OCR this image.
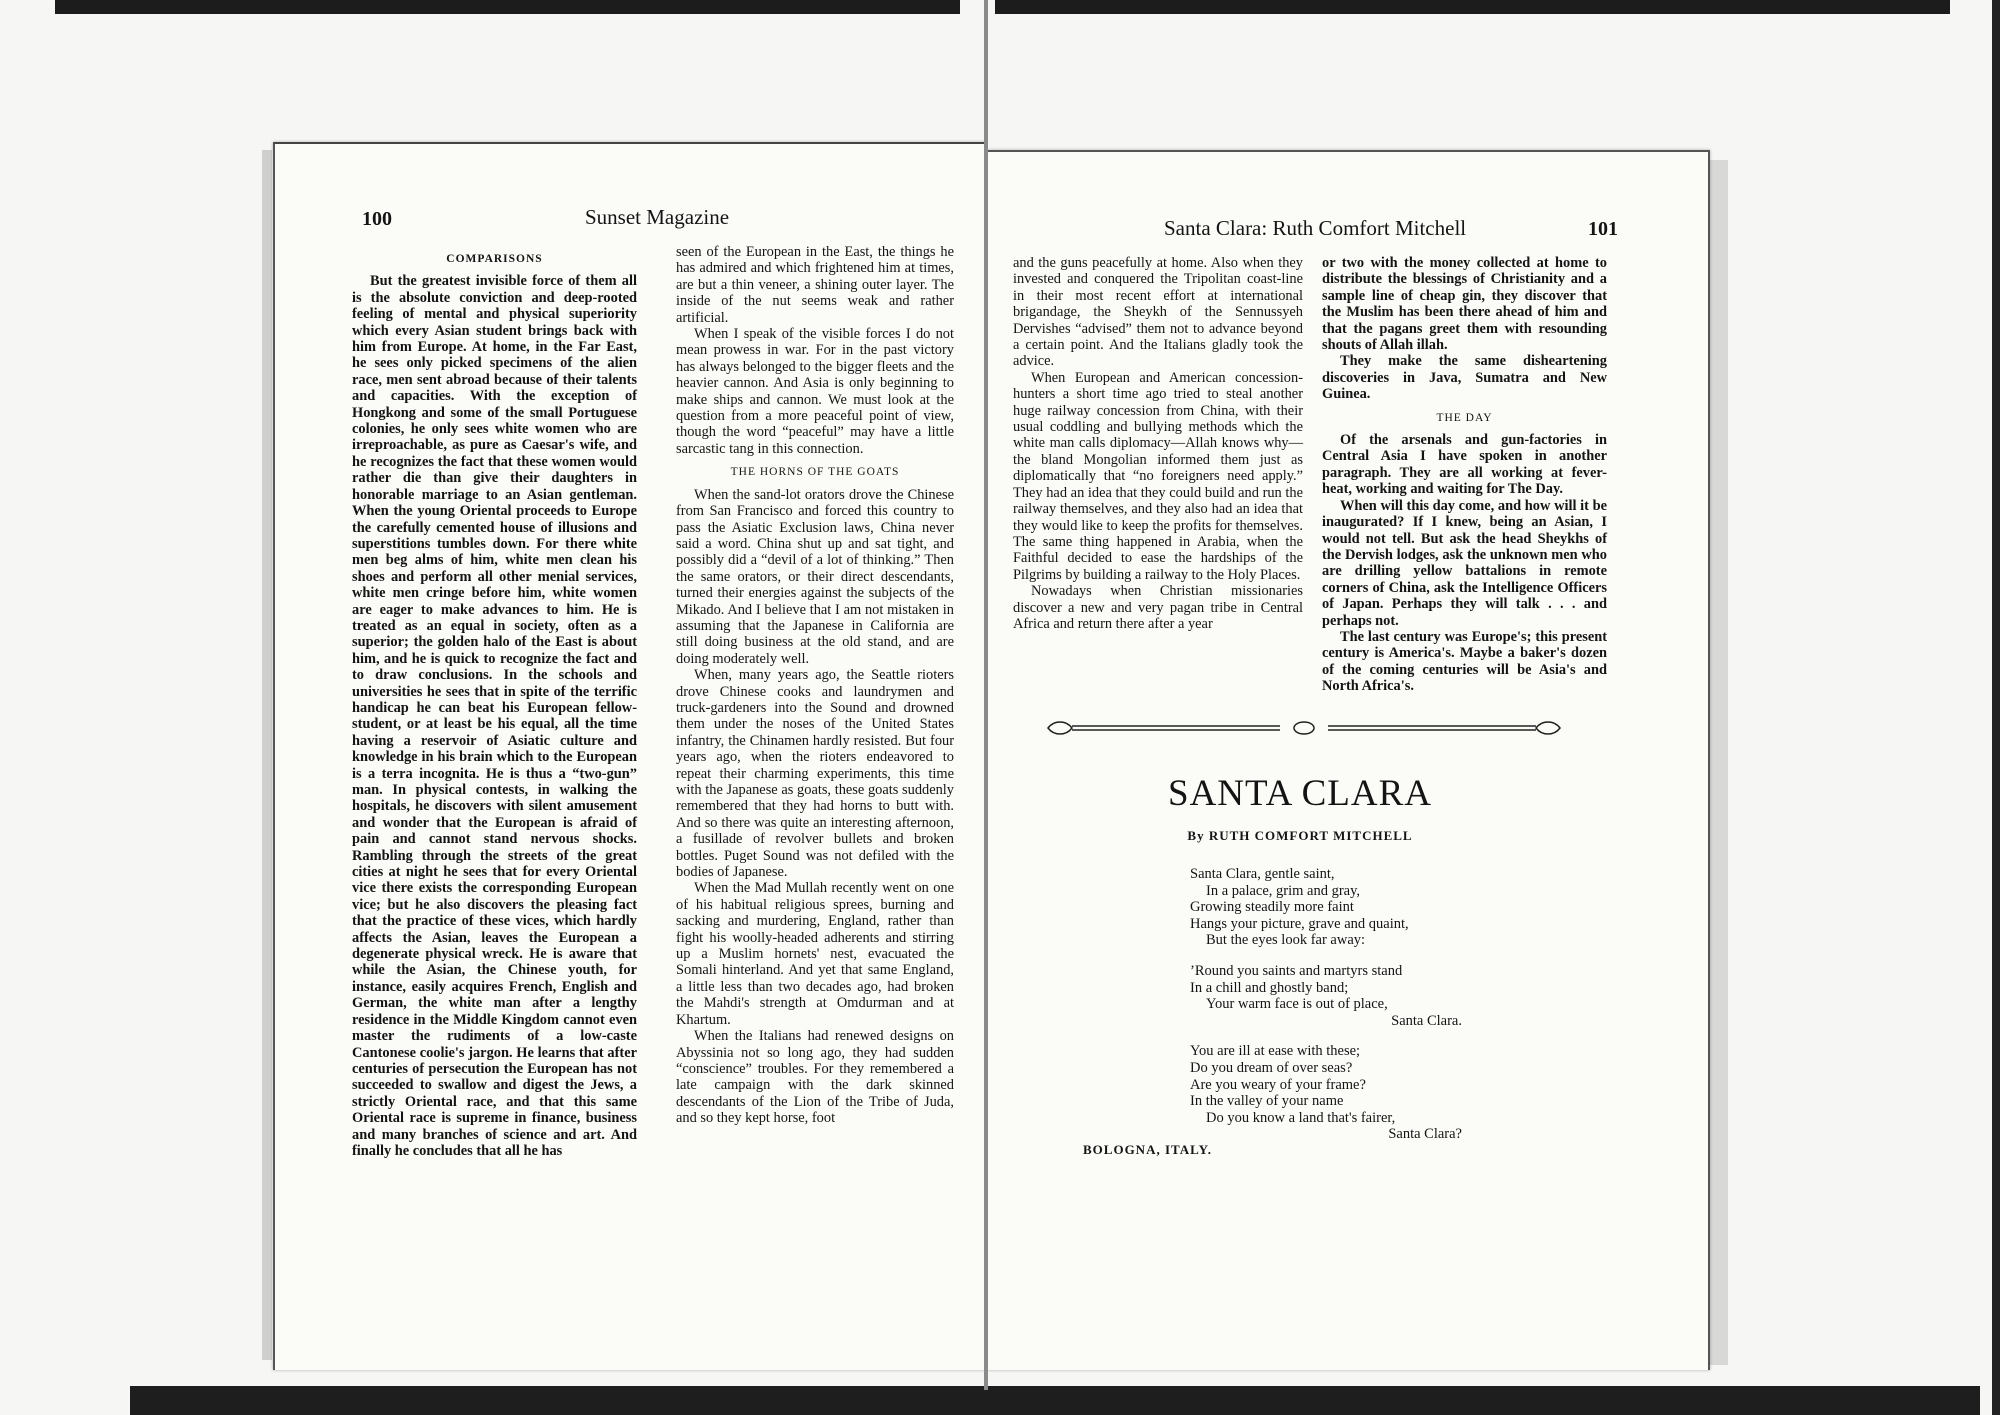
100	Sunset Magazine
COMPARISONS

But the greatest invisible force of them all is the absolute conviction and deep-rooted feeling of mental and physical superiority which every Asian student brings back with him from Europe. At home, in the Far East, he sees only picked specimens of the alien race, men sent abroad because of their talents and capacities. With the exception of Hongkong and some of the small Portuguese colonies, he only sees white women who are irreproachable, as pure as Caesar's wife, and he recognizes the fact that these women would rather die than give their daughters in honorable marriage to an Asian gentleman. When the young Oriental proceeds to Europe the carefully cemented house of illusions and superstitions tumbles down. For there white men beg alms of him, white men clean his shoes and perform all other menial services, white men cringe before him, white women are eager to make advances to him. He is treated as an equal in society, often as a superior; the golden halo of the East is about him, and he is quick to recognize the fact and to draw conclusions. In the schools and universities he sees that in spite of the terrific handicap he can beat his European fellow-student, or at least be his equal, all the time having a reservoir of Asiatic culture and knowledge in his brain which to the European is a terra incognita. He is thus a “two-gun” man. In physical contests, in walking the hospitals, he discovers with silent amusement and wonder that the European is afraid of pain and cannot stand nervous shocks. Rambling through the streets of the great cities at night he sees that for every Oriental vice there exists the corresponding European vice; but he also discovers the pleasing fact that the practice of these vices, which hardly affects the Asian, leaves the European a degenerate physical wreck. He is aware that while the Asian, the Chinese youth, for instance, easily acquires French, English and German, the white man after a lengthy residence in the Middle Kingdom cannot even master the rudiments of a low-caste Cantonese coolie's jargon. He learns that after centuries of persecution the European has not succeeded to swallow and digest the Jews, a strictly Oriental race, and that this same Oriental race is supreme in finance, business and many branches of science and art. And finally he concludes that all he has

seen of the European in the East, the things he has admired and which frightened him at times, are but a thin veneer, a shining outer layer. The inside of the nut seems weak and rather artificial.

When I speak of the visible forces I do not mean prowess in war. For in the past victory has always belonged to the bigger fleets and the heavier cannon. And Asia is only beginning to make ships and cannon. We must look at the question from a more peaceful point of view, though the word “peaceful” may have a little sarcastic tang in this connection.

THE HORNS OF THE GOATS

When the sand-lot orators drove the Chinese from San Francisco and forced this country to pass the Asiatic Exclusion laws, China never said a word. China shut up and sat tight, and possibly did a “devil of a lot of thinking.” Then the same orators, or their direct descendants, turned their energies against the subjects of the Mikado. And I believe that I am not mistaken in assuming that the Japanese in California are still doing business at the old stand, and are doing moderately well.

When, many years ago, the Seattle rioters drove Chinese cooks and laundrymen and truck-gardeners into the Sound and drowned them under the noses of the United States infantry, the Chinamen hardly resisted. But four years ago, when the rioters endeavored to repeat their charming experiments, this time with the Japanese as goats, these goats suddenly remembered that they had horns to butt with. And so there was quite an interesting afternoon, a fusillade of revolver bullets and broken bottles. Puget Sound was not defiled with the bodies of Japanese.

When the Mad Mullah recently went on one of his habitual religious sprees, burning and sacking and murdering, England, rather than fight his woolly-headed adherents and stirring up a Muslim hornets' nest, evacuated the Somali hinterland. And yet that same England, a little less than two decades ago, had broken the Mahdi's strength at Omdurman and at Khartum.

When the Italians had renewed designs on Abyssinia not so long ago, they had sudden “conscience” troubles. For they remembered a late campaign with the dark skinned descendants of the Lion of the Tribe of Juda, and so they kept horse, foot

Santa Clara: Ruth Comfort Mitchell	101

and the guns peacefully at home. Also when they invested and conquered the Tripolitan coast-line in their most recent effort at international brigandage, the Sheykh of the Sennussyeh Dervishes “advised” them not to advance beyond a certain point. And the Italians gladly took the advice.

When European and American concession-hunters a short time ago tried to steal another huge railway concession from China, with their usual coddling and bullying methods which the white man calls diplomacy—Allah knows why—the bland Mongolian informed them just as diplomatically that “no foreigners need apply.” They had an idea that they could build and run the railway themselves, and they also had an idea that they would like to keep the profits for themselves. The same thing happened in Arabia, when the Faithful decided to ease the hardships of the Pilgrims by building a railway to the Holy Places.

Nowadays when Christian missionaries discover a new and very pagan tribe in Central Africa and return there after a year

or two with the money collected at home to distribute the blessings of Christianity and a sample line of cheap gin, they discover that the Muslim has been there ahead of him and that the pagans greet them with resounding shouts of Allah illah.

They make the same disheartening discoveries in Java, Sumatra and New Guinea.

THE DAY

Of the arsenals and gun-factories in Central Asia I have spoken in another paragraph. They are all working at fever-heat, working and waiting for The Day.

When will this day come, and how will it be inaugurated? If I knew, being an Asian, I would not tell. But ask the head Sheykhs of the Dervish lodges, ask the unknown men who are drilling yellow battalions in remote corners of China, ask the Intelligence Officers of Japan. Perhaps they will talk . . . and perhaps not.

The last century was Europe's; this present century is America's. Maybe a baker's dozen of the coming centuries will be Asia's and North Africa's.

SANTA CLARA
By RUTH COMFORT MITCHELL
Santa Clara, gentle saint,
In a palace, grim and gray,
Growing steadily more faint
Hangs your picture, grave and quaint,
But the eyes look far away:
’Round you saints and martyrs stand
In a chill and ghostly band;
Your warm face is out of place,
Santa Clara.
You are ill at ease with these;
Do you dream of over seas?
Are you weary of your frame?
In the valley of your name
Do you know a land that's fairer,
Santa Clara?
BOLOGNA, ITALY.
